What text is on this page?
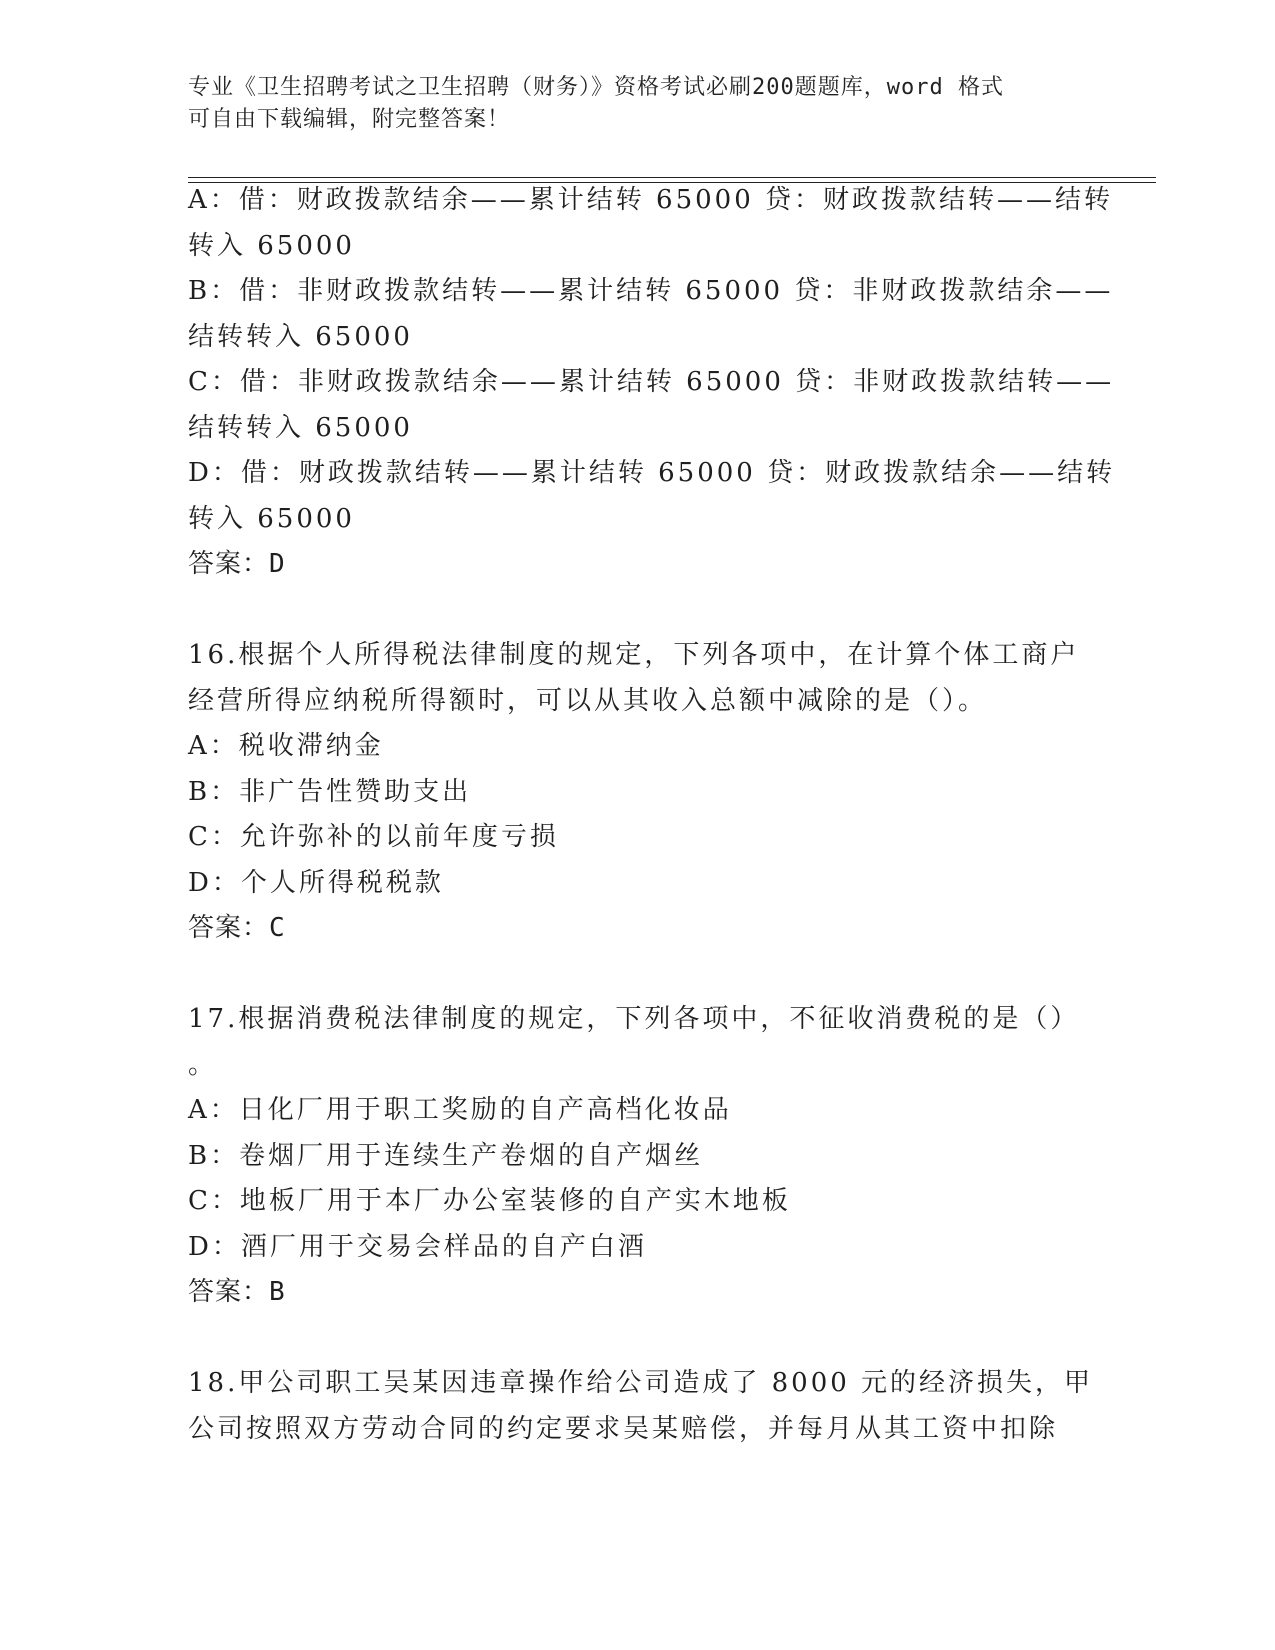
专业《卫生招聘考试之卫生招聘（财务）》资格考试必刷200题题库，word 格式
可自由下载编辑，附完整答案！
A：借：财政拨款结余——累计结转 65000 贷：财政拨款结转——结转
转入 65000
B：借：非财政拨款结转——累计结转 65000 贷：非财政拨款结余——
结转转入 65000
C：借：非财政拨款结余——累计结转 65000 贷：非财政拨款结转——
结转转入 65000
D：借：财政拨款结转——累计结转 65000 贷：财政拨款结余——结转
转入 65000
答案：D
16.根据个人所得税法律制度的规定，下列各项中，在计算个体工商户
经营所得应纳税所得额时，可以从其收入总额中减除的是（）。
A：税收滞纳金
B：非广告性赞助支出
C：允许弥补的以前年度亏损
D：个人所得税税款
答案：C
17.根据消费税法律制度的规定，下列各项中，不征收消费税的是（）
。
A：日化厂用于职工奖励的自产高档化妆品
B：卷烟厂用于连续生产卷烟的自产烟丝
C：地板厂用于本厂办公室装修的自产实木地板
D：酒厂用于交易会样品的自产白酒
答案：B
18.甲公司职工吴某因违章操作给公司造成了 8000 元的经济损失，甲
公司按照双方劳动合同的约定要求吴某赔偿，并每月从其工资中扣除
